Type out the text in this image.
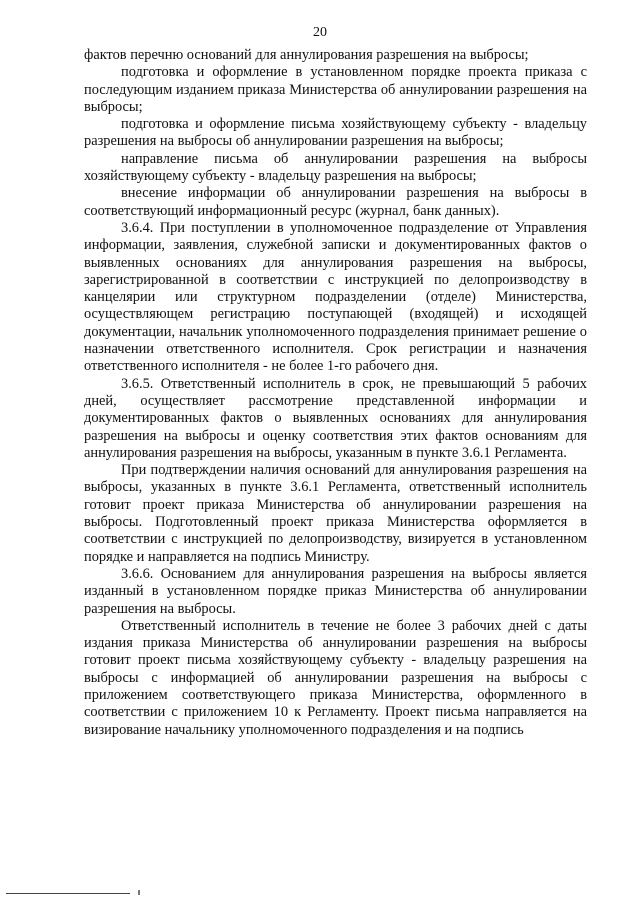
20

фактов перечню оснований для аннулирования разрешения на выбросы;

подготовка и оформление в установленном порядке проекта приказа с последующим изданием приказа Министерства об аннулировании разрешения на выбросы;

подготовка и оформление письма хозяйствующему субъекту - владельцу разрешения на выбросы об аннулировании разрешения на выбросы;

направление письма об аннулировании разрешения на выбросы хозяйствующему субъекту - владельцу разрешения на выбросы;

внесение информации об аннулировании разрешения на выбросы в соответствующий информационный ресурс (журнал, банк данных).

3.6.4. При поступлении в уполномоченное подразделение от Управления информации, заявления, служебной записки и документированных фактов о выявленных основаниях для аннулирования разрешения на выбросы, зарегистрированной в соответствии с инструкцией по делопроизводству в канцелярии или структурном подразделении (отделе) Министерства, осуществляющем регистрацию поступающей (входящей) и исходящей документации, начальник уполномоченного подразделения принимает решение о назначении ответственного исполнителя. Срок регистрации и назначения ответственного исполнителя - не более 1-го рабочего дня.

3.6.5. Ответственный исполнитель в срок, не превышающий 5 рабочих дней, осуществляет рассмотрение представленной информации и документированных фактов о выявленных основаниях для аннулирования разрешения на выбросы и оценку соответствия этих фактов основаниям для аннулирования разрешения на выбросы, указанным в пункте 3.6.1 Регламента.

При подтверждении наличия оснований для аннулирования разрешения на выбросы, указанных в пункте 3.6.1 Регламента, ответственный исполнитель готовит проект приказа Министерства об аннулировании разрешения на выбросы. Подготовленный проект приказа Министерства оформляется в соответствии с инструкцией по делопроизводству, визируется в установленном порядке и направляется на подпись Министру.

3.6.6. Основанием для аннулирования разрешения на выбросы является изданный в установленном порядке приказ Министерства об аннулировании разрешения на выбросы.

Ответственный исполнитель в течение не более 3 рабочих дней с даты издания приказа Министерства об аннулировании разрешения на выбросы готовит проект письма хозяйствующему субъекту - владельцу разрешения на выбросы с информацией об аннулировании разрешения на выбросы с приложением соответствующего приказа Министерства, оформленного в соответствии с приложением 10 к Регламенту. Проект письма направляется на визирование начальнику уполномоченного подразделения и на подпись
